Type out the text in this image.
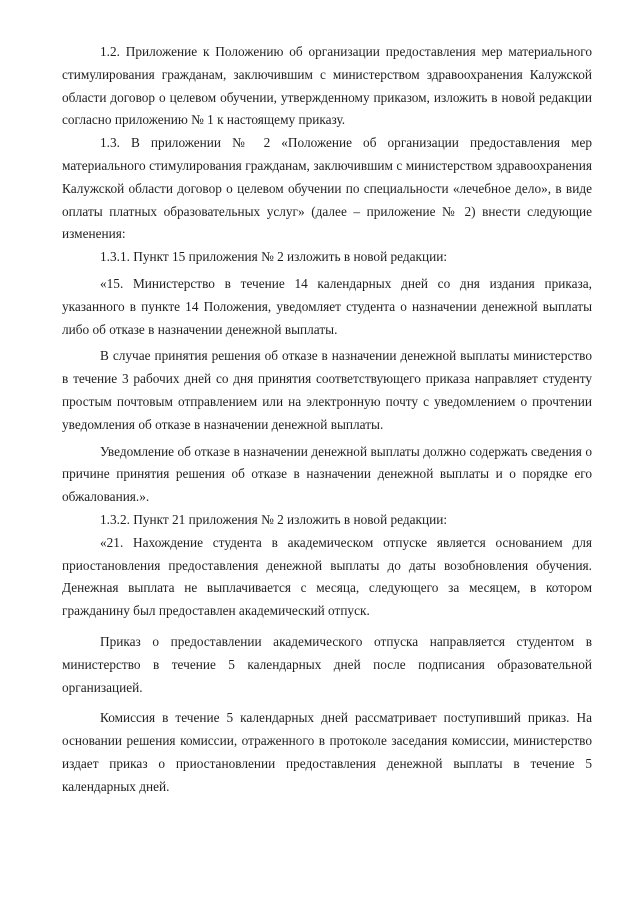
1.2. Приложение к Положению об организации предоставления мер материального стимулирования гражданам, заключившим с министерством здравоохранения Калужской области договор о целевом обучении, утвержденному приказом, изложить в новой редакции согласно приложению № 1 к настоящему приказу.

1.3. В приложении № 2 «Положение об организации предоставления мер материального стимулирования гражданам, заключившим с министерством здравоохранения Калужской области договор о целевом обучении по специальности «лечебное дело», в виде оплаты платных образовательных услуг» (далее – приложение № 2) внести следующие изменения:

1.3.1. Пункт 15 приложения № 2 изложить в новой редакции:

«15. Министерство в течение 14 календарных дней со дня издания приказа, указанного в пункте 14 Положения, уведомляет студента о назначении денежной выплаты либо об отказе в назначении денежной выплаты.

В случае принятия решения об отказе в назначении денежной выплаты министерство в течение 3 рабочих дней со дня принятия соответствующего приказа направляет студенту простым почтовым отправлением или на электронную почту с уведомлением о прочтении уведомления об отказе в назначении денежной выплаты.

Уведомление об отказе в назначении денежной выплаты должно содержать сведения о причине принятия решения об отказе в назначении денежной выплаты и о порядке его обжалования.».

1.3.2. Пункт 21 приложения № 2 изложить в новой редакции:

«21. Нахождение студента в академическом отпуске является основанием для приостановления предоставления денежной выплаты до даты возобновления обучения. Денежная выплата не выплачивается с месяца, следующего за месяцем, в котором гражданину был предоставлен академический отпуск.

Приказ о предоставлении академического отпуска направляется студентом в министерство в течение 5 календарных дней после подписания образовательной организацией.

Комиссия в течение 5 календарных дней рассматривает поступивший приказ. На основании решения комиссии, отраженного в протоколе заседания комиссии, министерство издает приказ о приостановлении предоставления денежной выплаты в течение 5 календарных дней.
